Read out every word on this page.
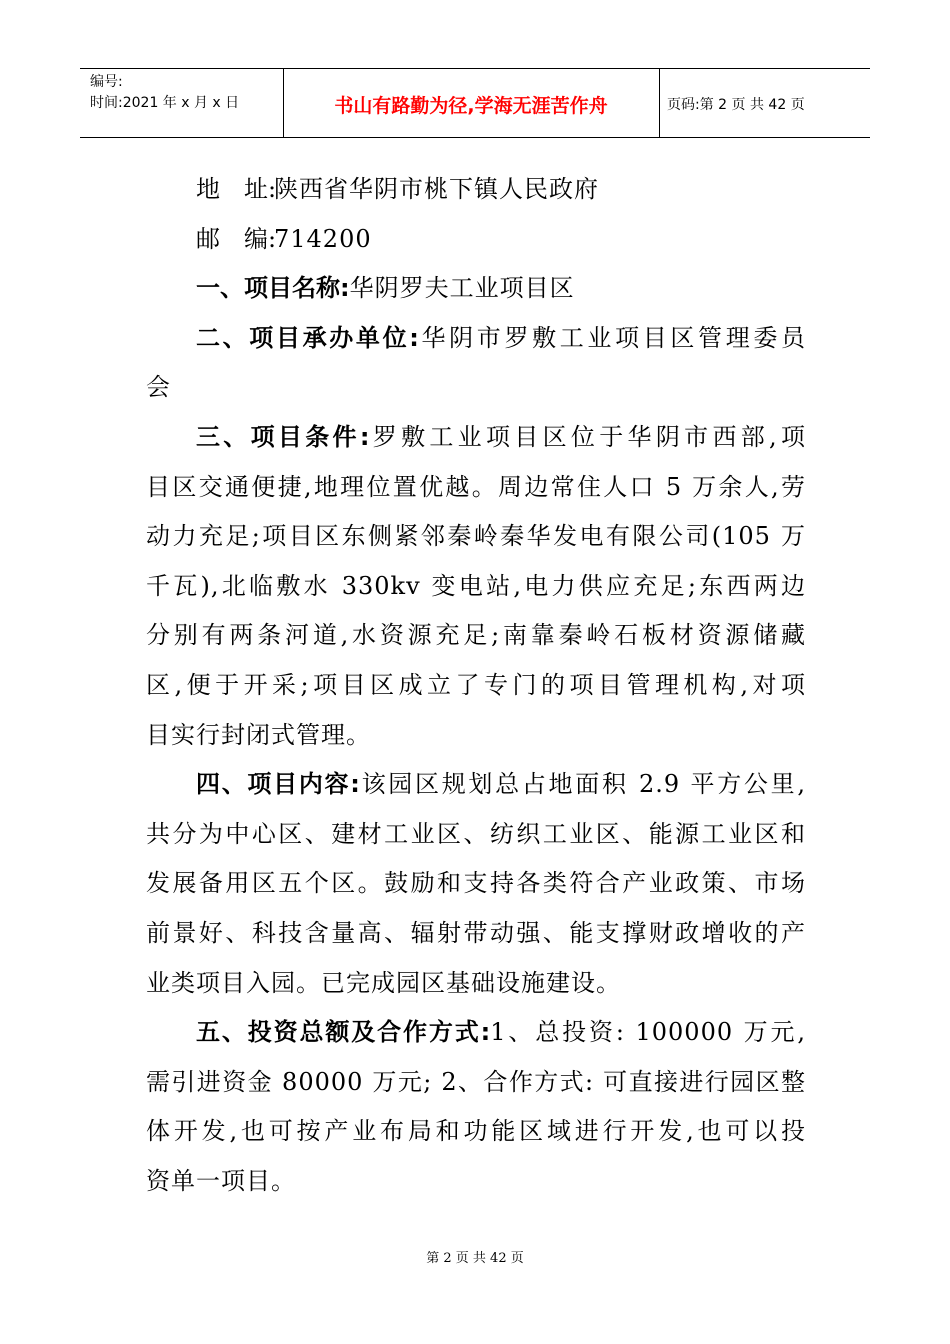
编号:
时间:2021 年 x 月 x 日	书山有路勤为径,学海无涯苦作舟	页码:第 2 页 共 42 页
地 址:陕西省华阴市桃下镇人民政府
邮 编:714200
一、项目名称:华阴罗夫工业项目区
二、项目承办单位:华阴市罗敷工业项目区管理委员
会
三、项目条件:罗敷工业项目区位于华阴市西部,项
目区交通便捷,地理位置优越。周边常住人口 5 万余人,劳
动力充足;项目区东侧紧邻秦岭秦华发电有限公司(105 万
千瓦),北临敷水 330kv 变电站,电力供应充足;东西两边
分别有两条河道,水资源充足;南靠秦岭石板材资源储藏
区,便于开采;项目区成立了专门的项目管理机构,对项
目实行封闭式管理。
四、项目内容:该园区规划总占地面积 2.9 平方公里,
共分为中心区、建材工业区、纺织工业区、能源工业区和
发展备用区五个区。鼓励和支持各类符合产业政策、市场
前景好、科技含量高、辐射带动强、能支撑财政增收的产
业类项目入园。已完成园区基础设施建设。
五、投资总额及合作方式:1、总投资: 100000 万元,
需引进资金 80000 万元; 2、合作方式: 可直接进行园区整
体开发,也可按产业布局和功能区域进行开发,也可以投
资单一项目。
第 2 页 共 42 页
